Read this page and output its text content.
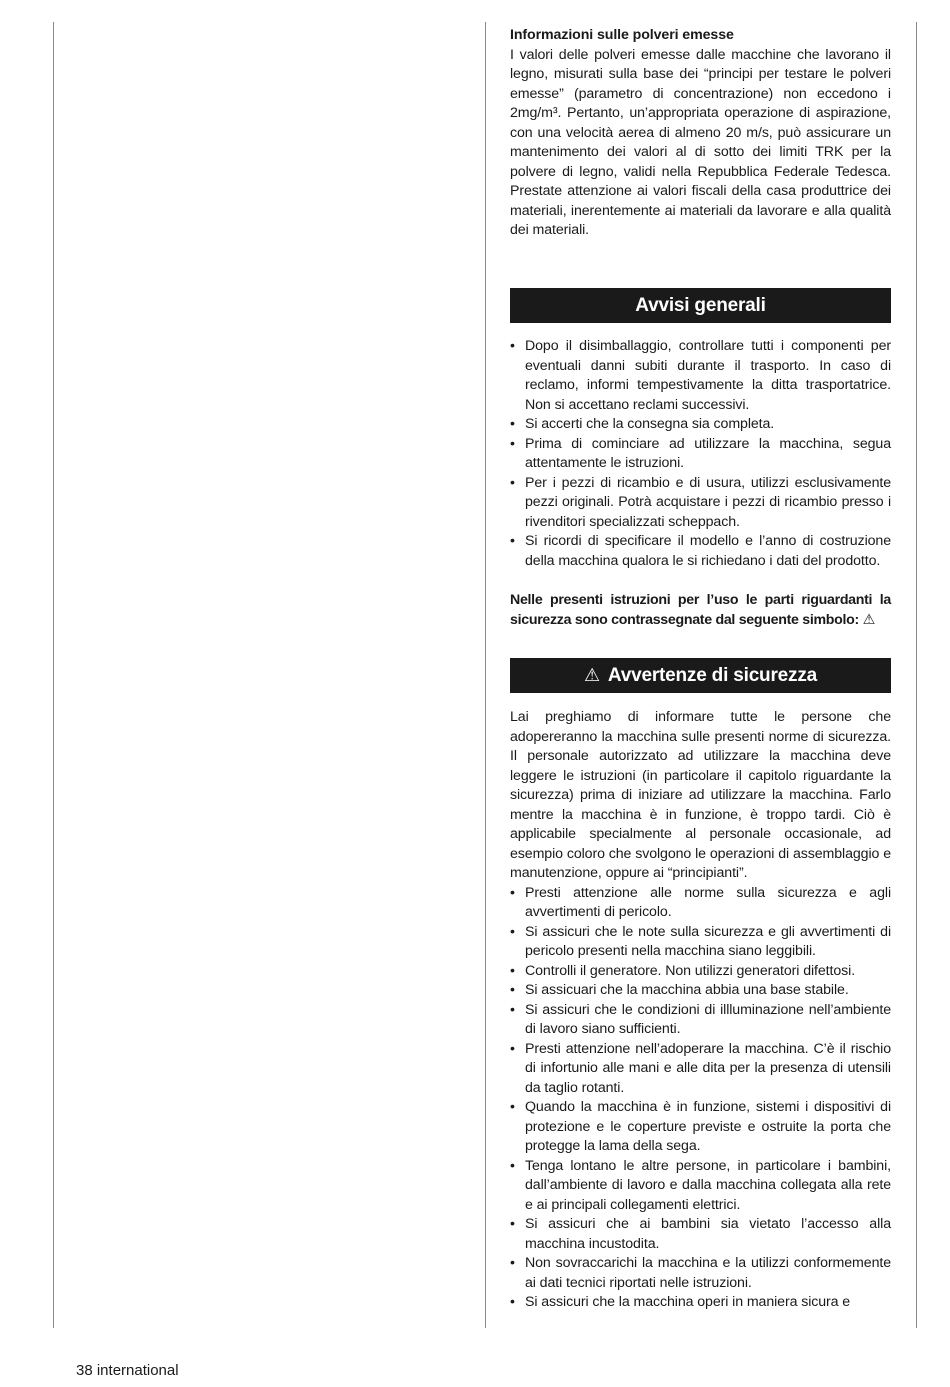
Informazioni sulle polveri emesse

I valori delle polveri emesse dalle macchine che lavorano il legno, misurati sulla base dei “principi per testare le polveri emesse” (parametro di concentrazione) non eccedono i 2mg/m³. Pertanto, un’appropriata operazione di aspirazione, con una velocità aerea di almeno 20 m/s, può assicurare un mantenimento dei valori al di sotto dei limiti TRK per la polvere di legno, validi nella Repubblica Federale Tedesca. Prestate attenzione ai valori fiscali della casa produttrice dei materiali, inerentemente ai materiali da lavorare e alla qualità dei materiali.

Avvisi generali
• Dopo il disimballaggio, controllare tutti i componenti per eventuali danni subiti durante il trasporto. In caso di reclamo, informi tempestivamente la ditta trasportatrice. Non si accettano reclami successivi.
• Si accerti che la consegna sia completa.
• Prima di cominciare ad utilizzare la macchina, segua attentamente le istruzioni.
• Per i pezzi di ricambio e di usura, utilizzi esclusivamente pezzi originali. Potrà acquistare i pezzi di ricambio presso i rivenditori specializzati scheppach.
• Si ricordi di specificare il modello e l’anno di costruzione della macchina qualora le si richiedano i dati del prodotto.

Nelle presenti istruzioni per l’uso le parti riguardanti la sicurezza sono contrassegnate dal seguente simbolo: ⚠

⚠ Avvertenze di sicurezza

Lai preghiamo di informare tutte le persone che adopereranno la macchina sulle presenti norme di sicurezza. Il personale autorizzato ad utilizzare la macchina deve leggere le istruzioni (in particolare il capitolo riguardante la sicurezza) prima di iniziare ad utilizzare la macchina. Farlo mentre la macchina è in funzione, è troppo tardi. Ciò è applicabile specialmente al personale occasionale, ad esempio coloro che svolgono le operazioni di assemblaggio e manutenzione, oppure ai “principianti”.

• Presti attenzione alle norme sulla sicurezza e agli avvertimenti di pericolo.
• Si assicuri che le note sulla sicurezza e gli avvertimenti di pericolo presenti nella macchina siano leggibili.
• Controlli il generatore. Non utilizzi generatori difettosi.
• Si assicuari che la macchina abbia una base stabile.
• Si assicuri che le condizioni di illluminazione nell’ambiente di lavoro siano sufficienti.
• Presti attenzione nell’adoperare la macchina. C’è il rischio di infortunio alle mani e alle dita per la presenza di utensili da taglio rotanti.
• Quando la macchina è in funzione, sistemi i dispositivi di protezione e le coperture previste e ostruite la porta che protegge la lama della sega.
• Tenga lontano le altre persone, in particolare i bambini, dall’ambiente di lavoro e dalla macchina collegata alla rete e ai principali collegamenti elettrici.
• Si assicuri che ai bambini sia vietato l’accesso alla macchina incustodita.
• Non sovraccarichi la macchina e la utilizzi conformemente ai dati tecnici riportati nelle istruzioni.
• Si assicuri che la macchina operi in maniera sicura e
38 international
